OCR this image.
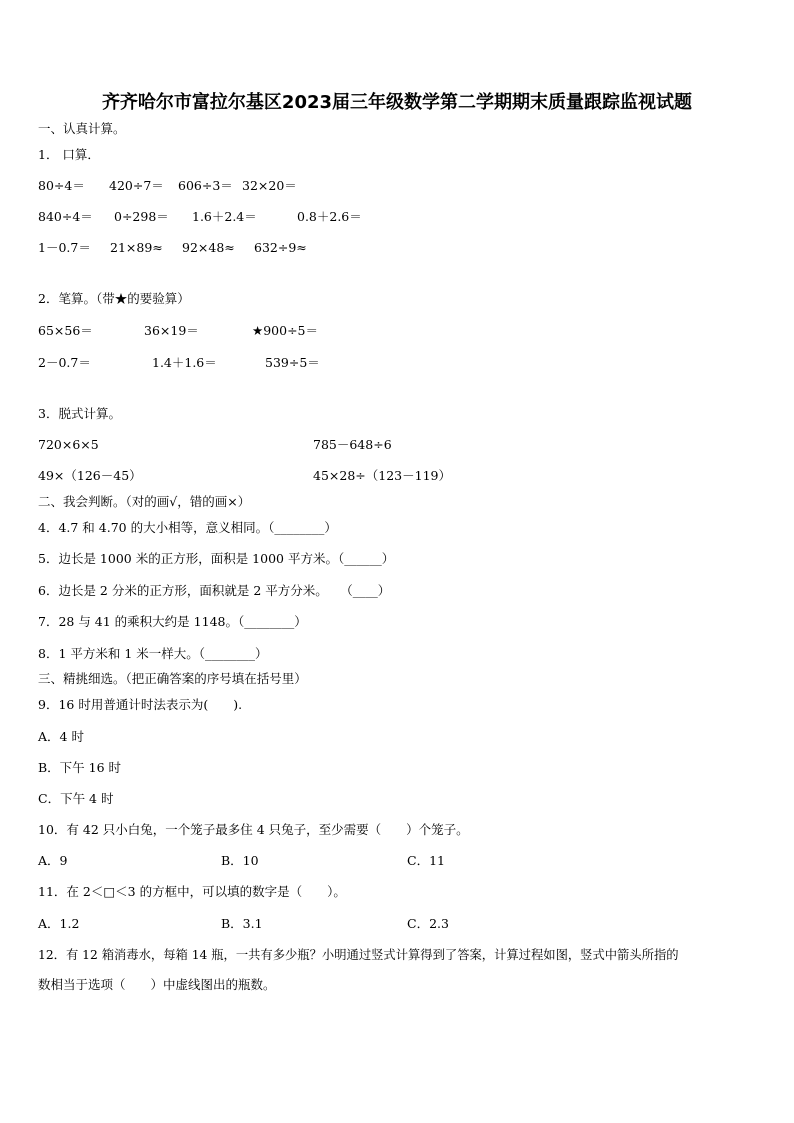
齐齐哈尔市富拉尔基区2023届三年级数学第二学期期末质量跟踪监视试题
一、认真计算。
1． 口算．
80÷4＝ 420÷7＝ 606÷3＝ 32×20＝
840÷4＝ 0÷298＝ 1.6＋2.4＝	0.8＋2.6＝
1－0.7＝ 21×89≈ 92×48≈ 632÷9≈
2．笔算。（带★的要验算）
65×56＝	36×19＝	★900÷5＝
2－0.7＝	1.4＋1.6＝	539÷5＝
3．脱式计算。
720×6×5	785－648÷6
49×（126－45）	45×28÷（123－119）
二、我会判断。（对的画√，错的画×）
4．4.7 和 4.70 的大小相等，意义相同。（________）
5．边长是 1000 米的正方形，面积是 1000 平方米。（______）
6．边长是 2 分米的正方形，面积就是 2 平方分米。　　（____）
7．28 与 41 的乘积大约是 1148。（________）
8．1 平方米和 1 米一样大。（________）
三、精挑细选。（把正确答案的序号填在括号里）
9．16 时用普通计时法表示为(　　).
A．4 时
B．下午 16 时
C．下午 4 时
10．有 42 只小白兔，一个笼子最多住 4 只兔子，至少需要（　　）个笼子。
A．9	B．10	C．11
11．在 2＜□＜3 的方框中，可以填的数字是（　　）。
A．1.2	B．3.1	C．2.3
12．有 12 箱消毒水，每箱 14 瓶，一共有多少瓶？小明通过竖式计算得到了答案，计算过程如图，竖式中箭头所指的
数相当于选项（　　）中虚线图出的瓶数。
